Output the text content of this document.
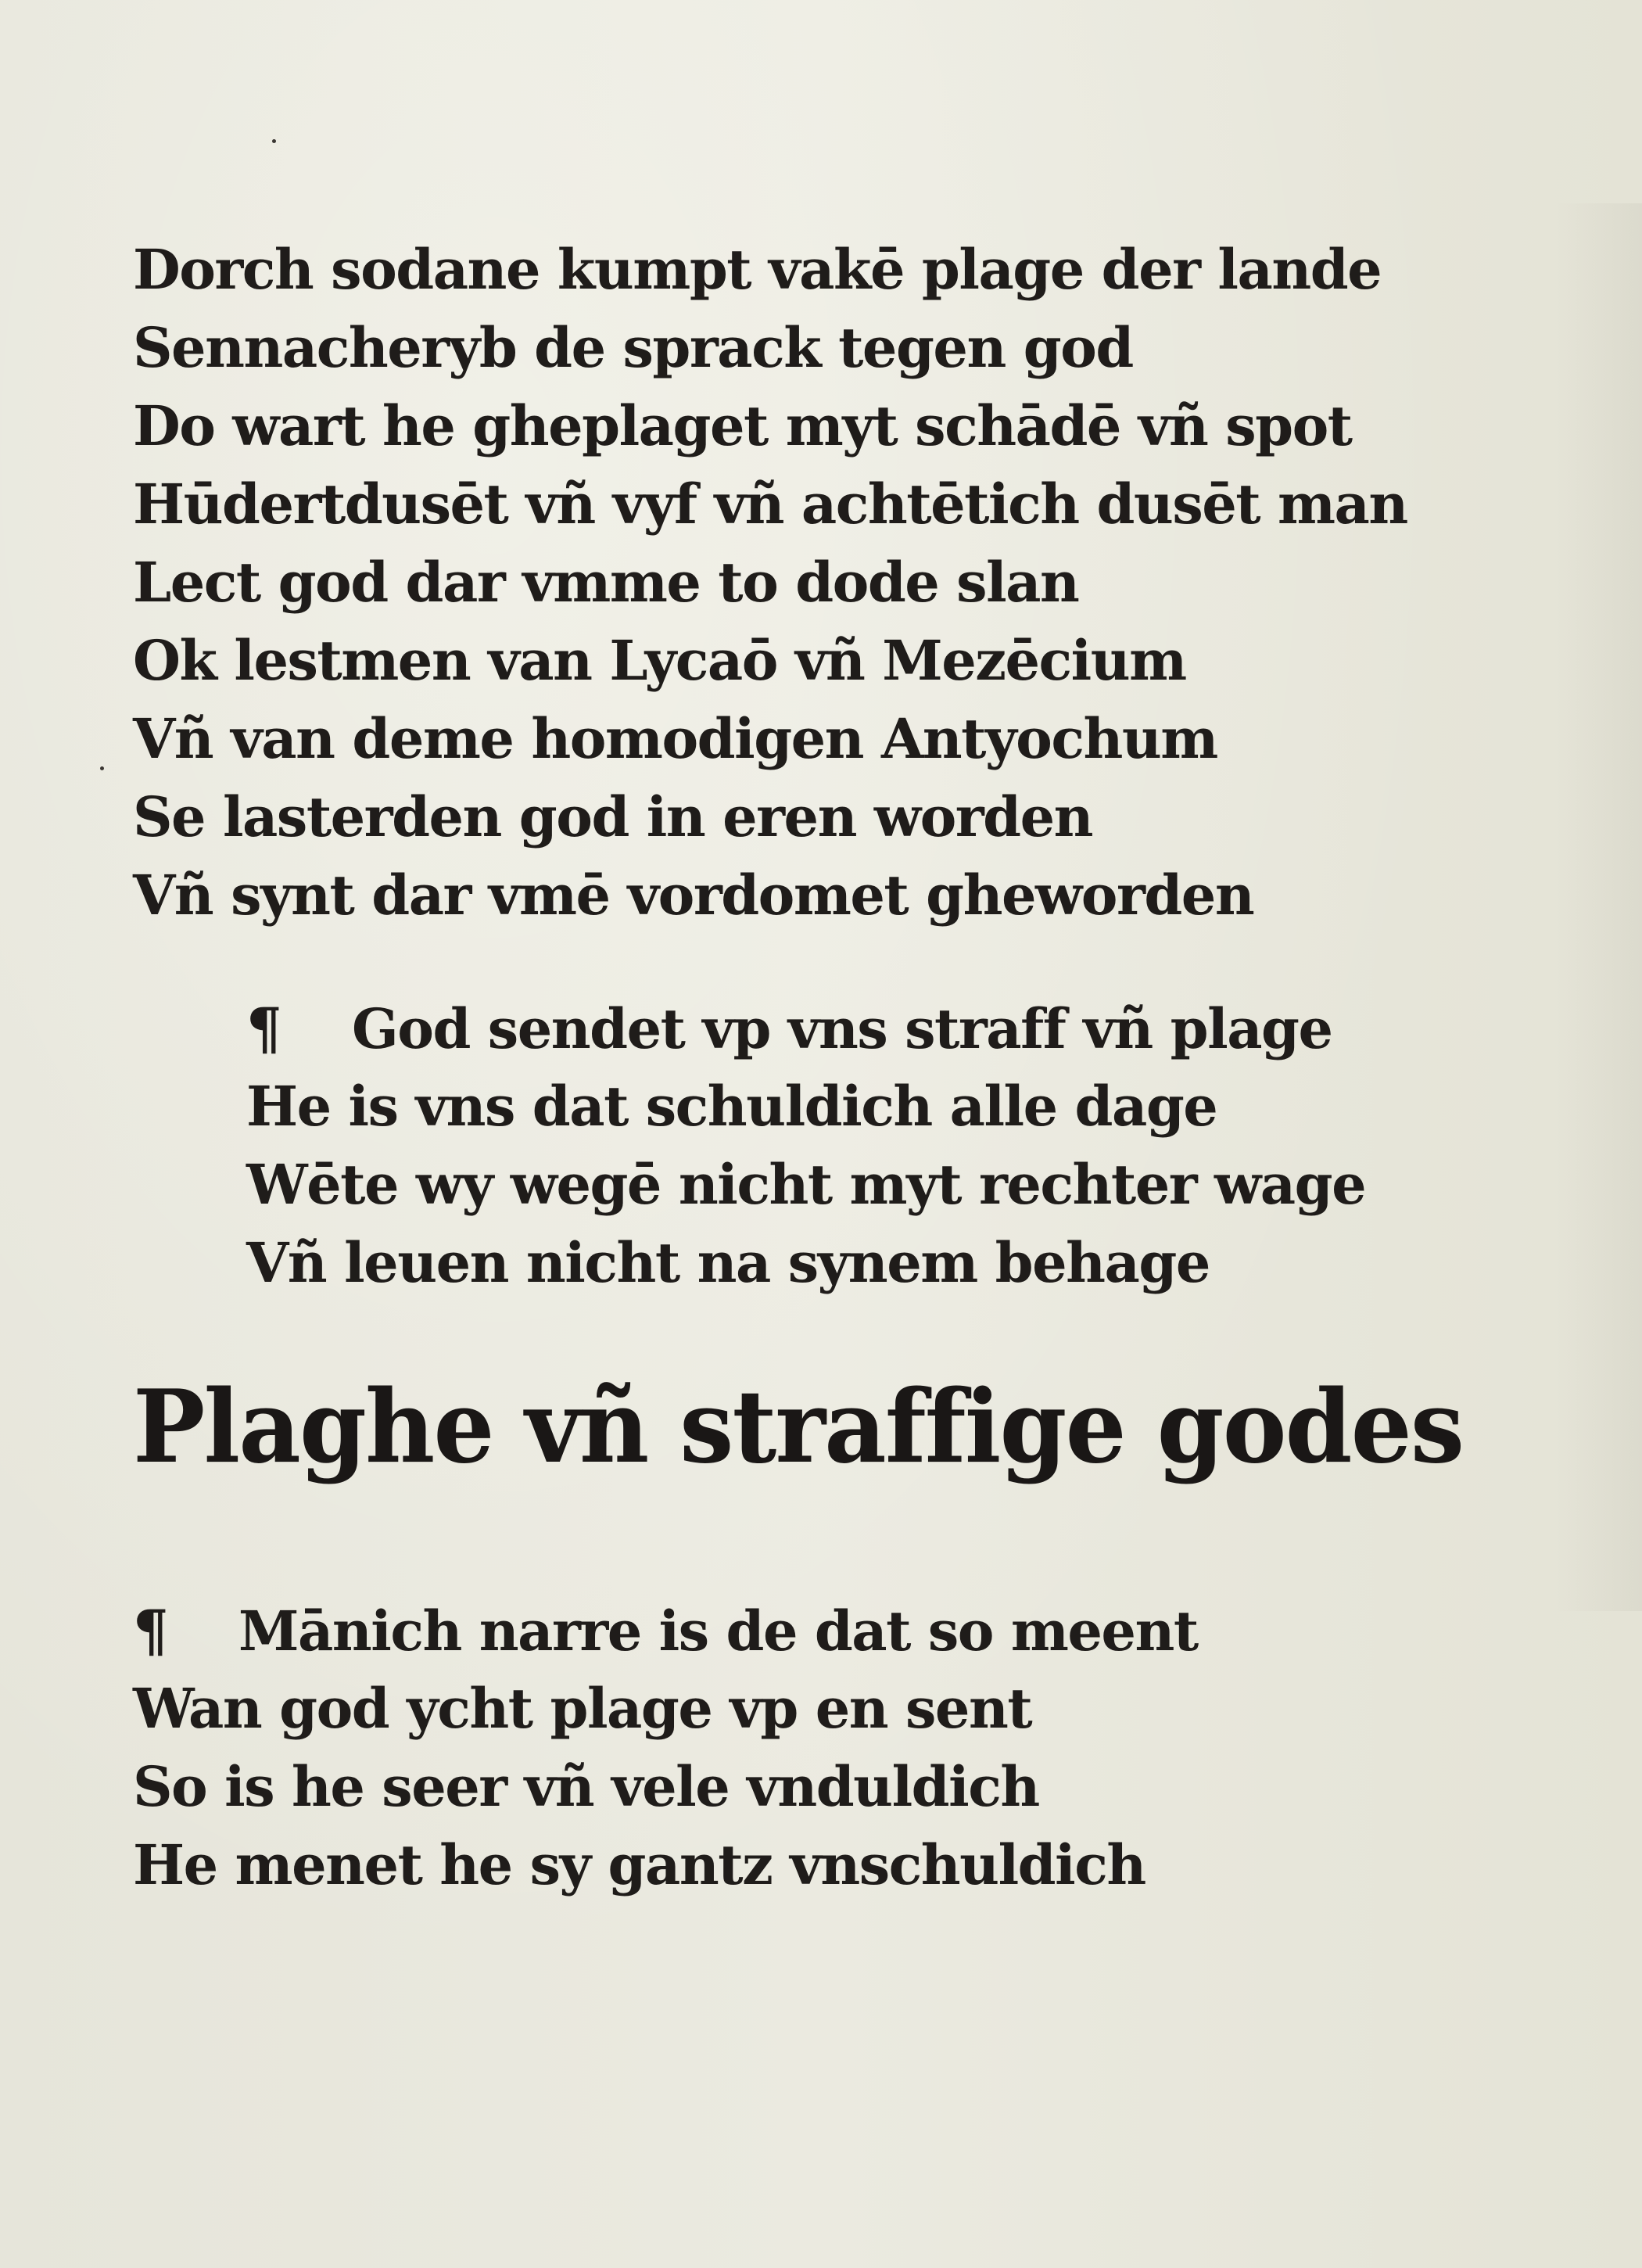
Dorch sodane kumpt vakē plage der lande
Sennacheryb de sprack tegen god
Do wart he gheplaget myt schādē vñ spot
Hūdertdusēt vñ vyf vñ achtētich dusēt man
Lect god dar vmme to dode slan
Ok lestmen van Lycaō vñ Mezēcium
Vñ van deme homodigen Antyochum
Se lasterden god in eren worden
Vñ synt dar vmē vordomet gheworden
¶ God sendet vp vns straff vñ plage
He is vns dat schuldich alle dage
Wēte wy wegē nicht myt rechter wage
Vñ leuen nicht na synem behage
Plaghe vñ straffige godes
¶ Mānich narre is de dat so meent
Wan god ycht plage vp en sent
So is he seer vñ vele vnduldich
He menet he sy gantz vnschuldich
